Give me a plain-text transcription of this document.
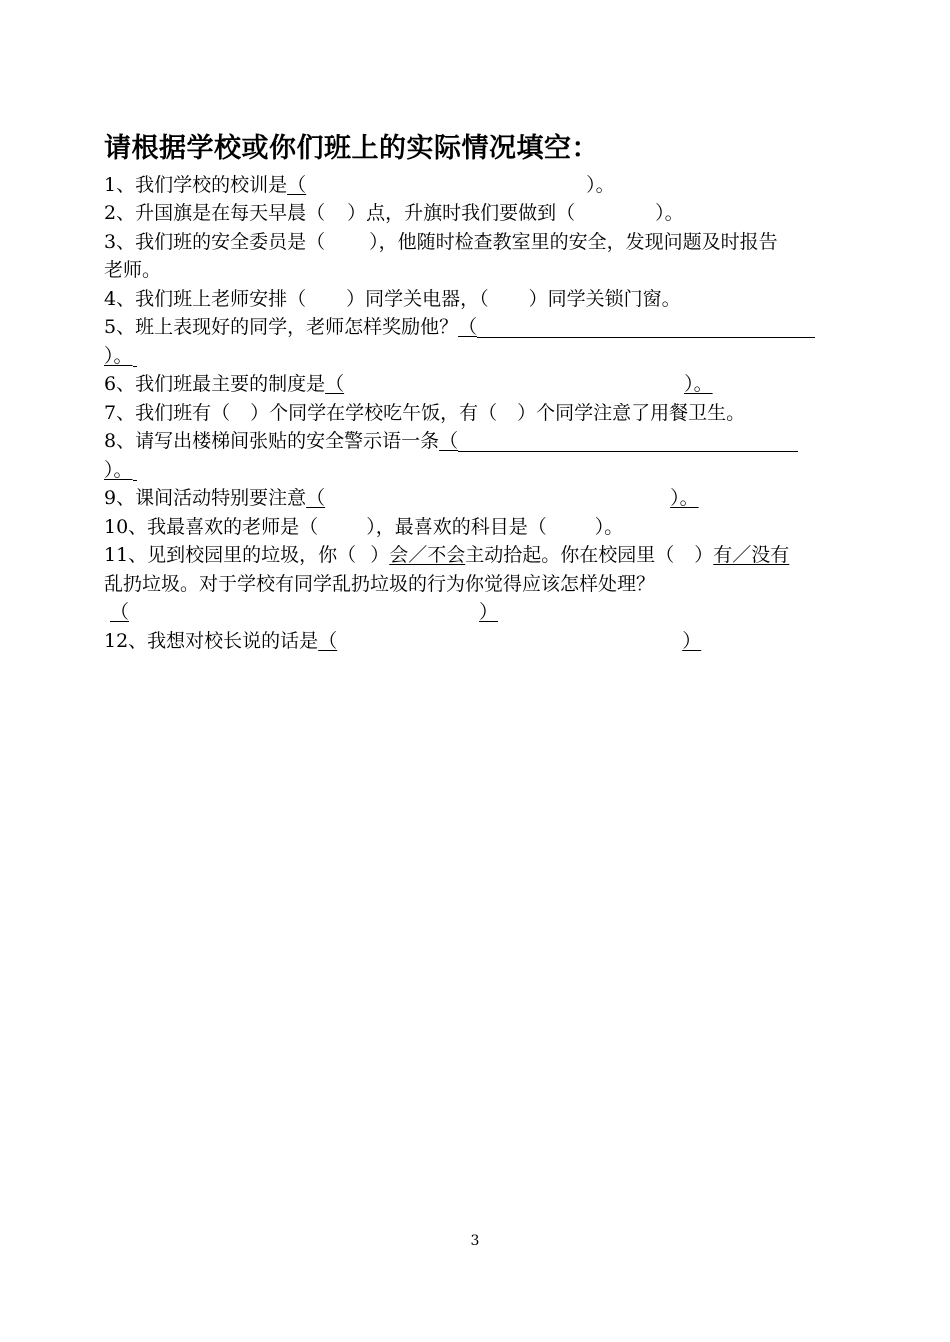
请根据学校或你们班上的实际情况填空：
1、我们学校的校训是（	）。
2、升国旗是在每天早晨（ ）点，升旗时我们要做到（	）。
3、我们班的安全委员是（ ），他随时检查教室里的安全，发现问题及时报告
老师。
4、我们班上老师安排（ ）同学关电器，（ ）同学关锁门窗。
5、班上表现好的同学，老师怎样奖励他？（
）。
6、我们班最主要的制度是（	）。
7、我们班有（ ）个同学在学校吃午饭，有（ ）个同学注意了用餐卫生。
8、请写出楼梯间张贴的安全警示语一条（
）。
9、课间活动特别要注意（	）。
10、我最喜欢的老师是（	），最喜欢的科目是（	）。
11、见到校园里的垃圾，你（ ）会／不会主动拾起。你在校园里（ ）有／没有
乱扔垃圾。对于学校有同学乱扔垃圾的行为你觉得应该怎样处理？
（	）
12、我想对校长说的话是（	）
3
